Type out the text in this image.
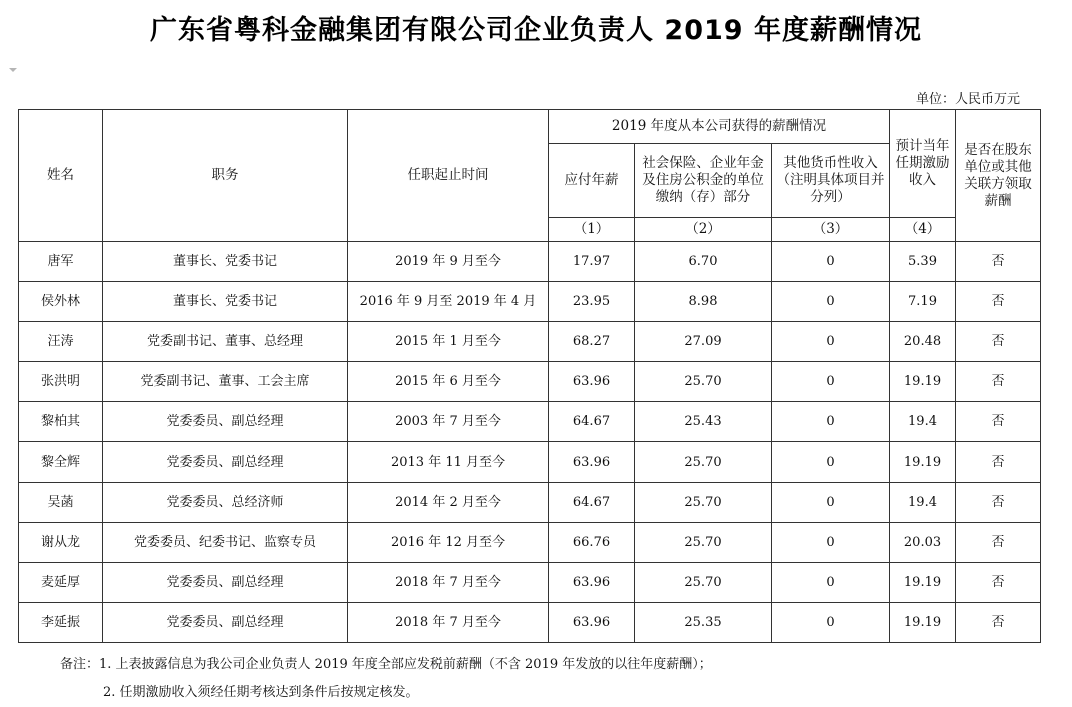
广东省粤科金融集团有限公司企业负责人 2019 年度薪酬情况
单位：人民币万元
姓名	职务	任职起止时间	2019 年度从本公司获得的薪酬情况			预计当年任期激励收入	是否在股东单位或其他关联方领取薪酬
			应付年薪	社会保险、企业年金及住房公积金的单位缴纳（存）部分	其他货币性收入（注明具体项目并分列）		
			（1）	（2）	（3）	（4）	
唐军	董事长、党委书记	2019 年 9 月至今	17.97	6.70	0	5.39	否
侯外林	董事长、党委书记	2016 年 9 月至 2019 年 4 月	23.95	8.98	0	7.19	否
汪涛	党委副书记、董事、总经理	2015 年 1 月至今	68.27	27.09	0	20.48	否
张洪明	党委副书记、董事、工会主席	2015 年 6 月至今	63.96	25.70	0	19.19	否
黎柏其	党委委员、副总经理	2003 年 7 月至今	64.67	25.43	0	19.4	否
黎全辉	党委委员、副总经理	2013 年 11 月至今	63.96	25.70	0	19.19	否
吴菡	党委委员、总经济师	2014 年 2 月至今	64.67	25.70	0	19.4	否
谢从龙	党委委员、纪委书记、监察专员	2016 年 12 月至今	66.76	25.70	0	20.03	否
麦延厚	党委委员、副总经理	2018 年 7 月至今	63.96	25.70	0	19.19	否
李延振	党委委员、副总经理	2018 年 7 月至今	63.96	25.35	0	19.19	否
备注：1. 上表披露信息为我公司企业负责人 2019 年度全部应发税前薪酬（不含 2019 年发放的以往年度薪酬）；
2. 任期激励收入须经任期考核达到条件后按规定核发。
